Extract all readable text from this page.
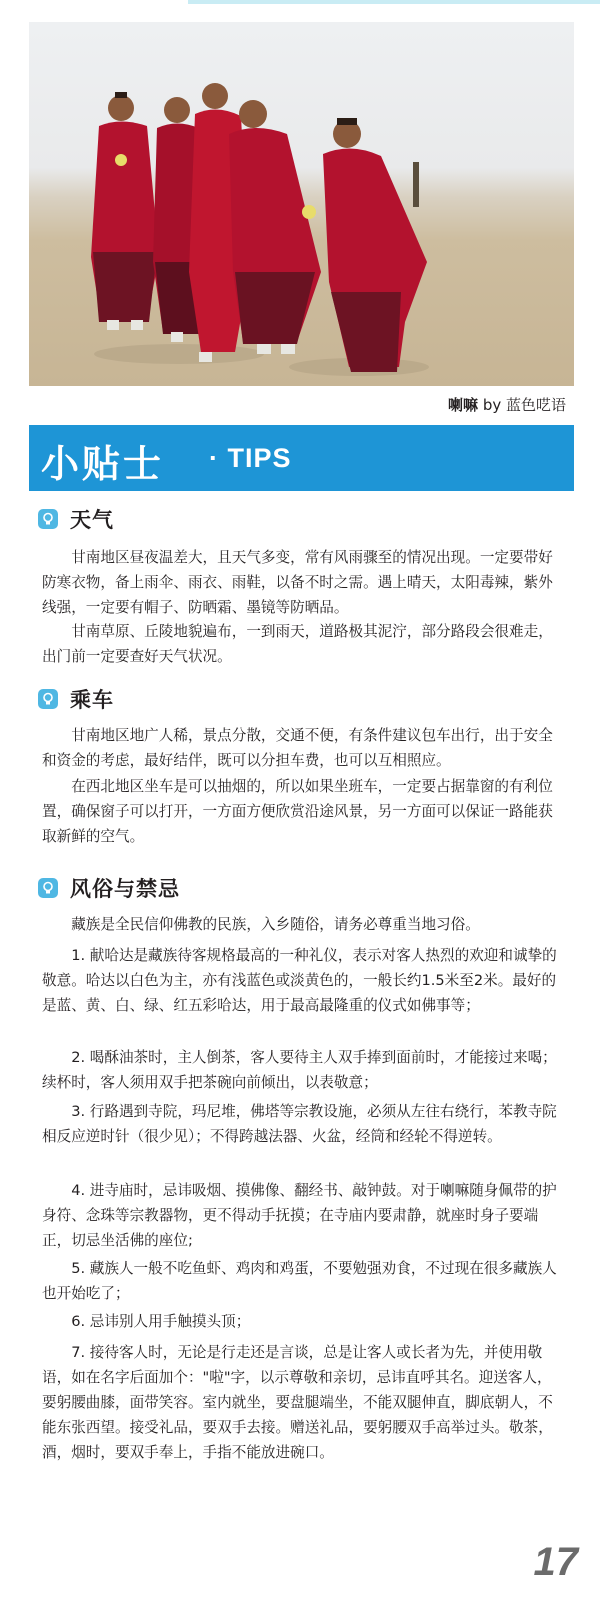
喇嘛 by 蓝色呓语
小贴士 · TIPS
天气

甘南地区昼夜温差大，且天气多变，常有风雨骤至的情况出现。一定要带好防寒衣物，备上雨伞、雨衣、雨鞋，以备不时之需。遇上晴天，太阳毒辣，紫外线强，一定要有帽子、防晒霜、墨镜等防晒品。

甘南草原、丘陵地貌遍布，一到雨天，道路极其泥泞，部分路段会很难走，出门前一定要查好天气状况。

乘车

甘南地区地广人稀，景点分散，交通不便，有条件建议包车出行，出于安全和资金的考虑，最好结伴，既可以分担车费，也可以互相照应。

在西北地区坐车是可以抽烟的，所以如果坐班车，一定要占据靠窗的有利位置，确保窗子可以打开，一方面方便欣赏沿途风景，另一方面可以保证一路能获取新鲜的空气。

风俗与禁忌

藏族是全民信仰佛教的民族，入乡随俗，请务必尊重当地习俗。

1. 献哈达是藏族待客规格最高的一种礼仪，表示对客人热烈的欢迎和诚挚的敬意。哈达以白色为主，亦有浅蓝色或淡黄色的，一般长约1.5米至2米。最好的是蓝、黄、白、绿、红五彩哈达，用于最高最隆重的仪式如佛事等；

2. 喝酥油茶时，主人倒茶，客人要待主人双手捧到面前时，才能接过来喝；续杯时，客人须用双手把茶碗向前倾出，以表敬意；

3. 行路遇到寺院，玛尼堆，佛塔等宗教设施，必须从左往右绕行，苯教寺院相反应逆时针（很少见）；不得跨越法器、火盆，经筒和经轮不得逆转。

4. 进寺庙时，忌讳吸烟、摸佛像、翻经书、敲钟鼓。对于喇嘛随身佩带的护身符、念珠等宗教器物，更不得动手抚摸；在寺庙内要肃静，就座时身子要端正，切忌坐活佛的座位;

5. 藏族人一般不吃鱼虾、鸡肉和鸡蛋，不要勉强劝食，不过现在很多藏族人也开始吃了；

6. 忌讳别人用手触摸头顶；

7. 接待客人时，无论是行走还是言谈，总是让客人或长者为先，并使用敬语，如在名字后面加个："啦"字，以示尊敬和亲切，忌讳直呼其名。迎送客人，要躬腰曲膝，面带笑容。室内就坐，要盘腿端坐，不能双腿伸直，脚底朝人，不能东张西望。接受礼品，要双手去接。赠送礼品，要躬腰双手高举过头。敬茶，酒，烟时，要双手奉上，手指不能放进碗口。

17
